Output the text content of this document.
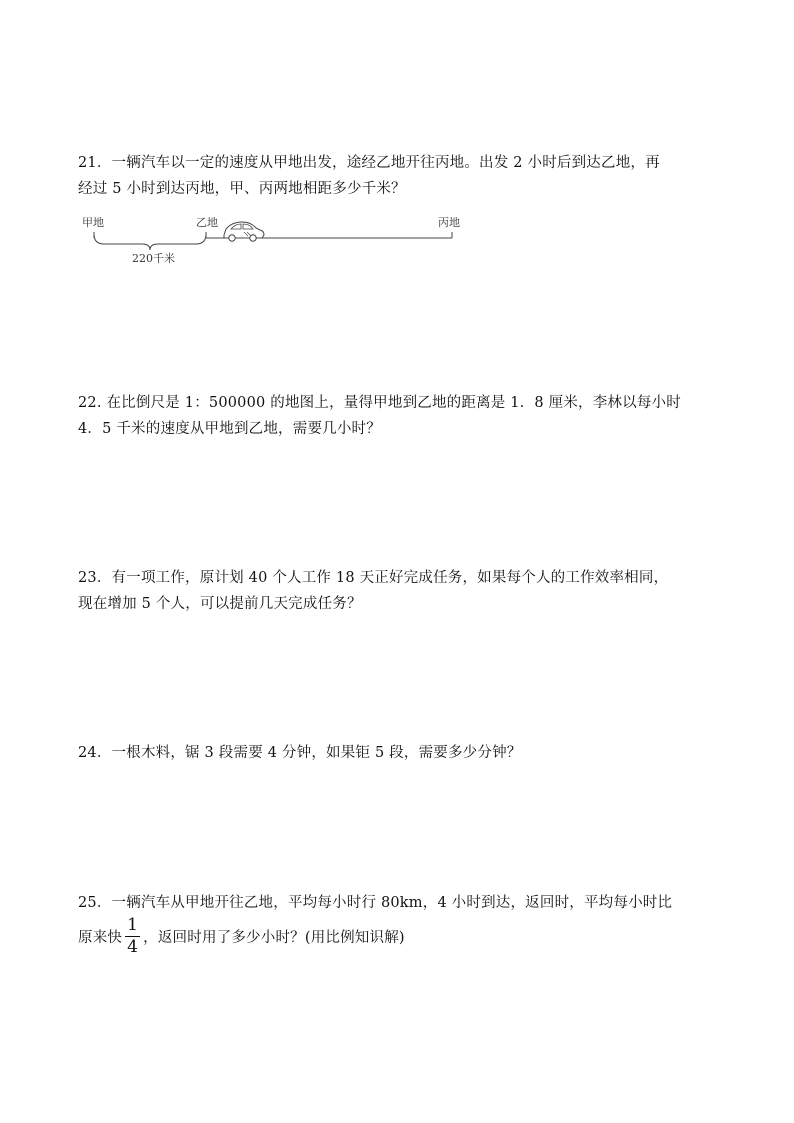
21．一辆汽车以一定的速度从甲地出发，途经乙地开往丙地。出发 2 小时后到达乙地，再

经过 5 小时到达丙地，甲、丙两地相距多少千米？

甲地	乙地	丙地
220千米

22. 在比倒尺是 1：500000 的地图上，量得甲地到乙地的距离是 1．8 厘米，李林以每小时

4．5 千米的速度从甲地到乙地，需要几小时？

23．有一项工作，原计划 40 个人工作 18 天正好完成任务，如果每个人的工作效率相同，

现在增加 5 个人，可以提前几天完成任务？

24．一根木料，锯 3 段需要 4 分钟，如果钜 5 段，需要多少分钟？

25．一辆汽车从甲地开往乙地，平均每小时行 80km，4 小时到达，返回时，平均每小时比

原来快 $\frac{1}{4}$ ，返回时用了多少小时？(用比例知识解)
